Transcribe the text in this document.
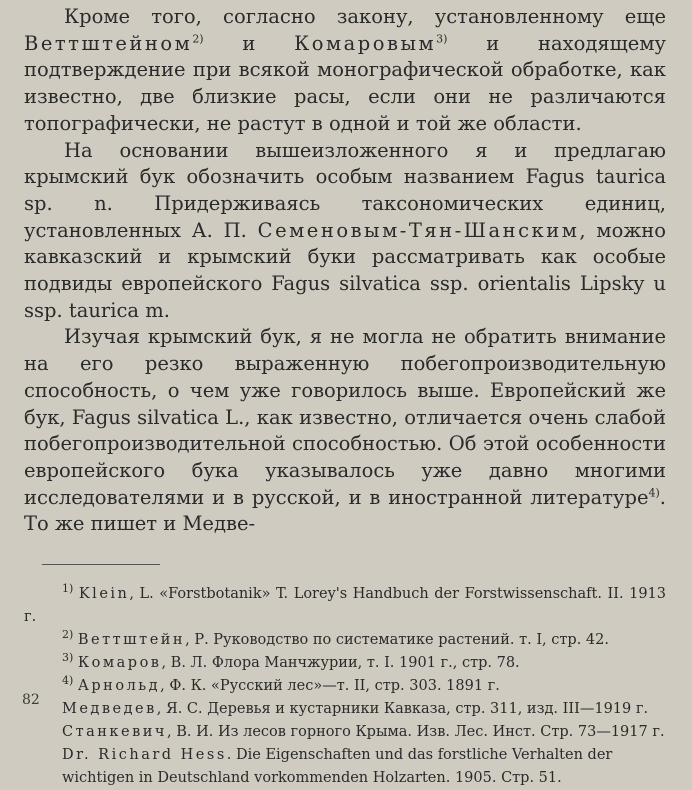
Кроме того, согласно закону, установленному еще Веттштейном$^{2)}$ и Комаровым$^{3)}$ и находящему подтверждение при всякой монографической обработке, как известно, две близкие расы, если они не различаются топографически, не растут в одной и той же области.

На основании вышеизложенного я и предлагаю крымский бук обозначить особым названием Fagus taurica sp. n. Придерживаясь таксономических единиц, установленных А. П. Семеновым-Тян-Шанским, можно кавказский и крымский буки рассматривать как особые подвиды европейского Fagus silvatica ssp. orientalis Lipsky u ssp. taurica m.

Изучая крымский бук, я не могла не обратить внимание на его резко выраженную побегопроизводительную способность, о чем уже говорилось выше. Европейский же бук, Fagus silvatica L., как известно, отличается очень слабой побегопроизводительной способностью. Об этой особенности европейского бука указывалось уже давно многими исследователями и в русской, и в иностранной литературе$^{4)}$. То же пишет и Медве-

$^{1)}$ Klein, L. «Forstbotanik» T. Lorey's Handbuch der Forstwissenschaft. II. 1913 г.

$^{2)}$ Веттштейн, Р. Руководство по систематике растений. т. I, стр. 42.

$^{3)}$ Комаров, В. Л. Флора Манчжурии, т. I. 1901 г., стр. 78.

$^{4)}$ Арнольд, Ф. К. «Русский лес»—т. II, стр. 303. 1891 г.

Медведев, Я. С. Деревья и кустарники Кавказа, стр. 311, изд. III—1919 г.

Станкевич, В. И. Из лесов горного Крыма. Изв. Лес. Инст. Стр. 73—1917 г.

Dr. Richard Hess. Die Eigenschaften und das forstliche Verhalten der wichtigen in Deutschland vorkommenden Holzarten. 1905. Стр. 51.

82
